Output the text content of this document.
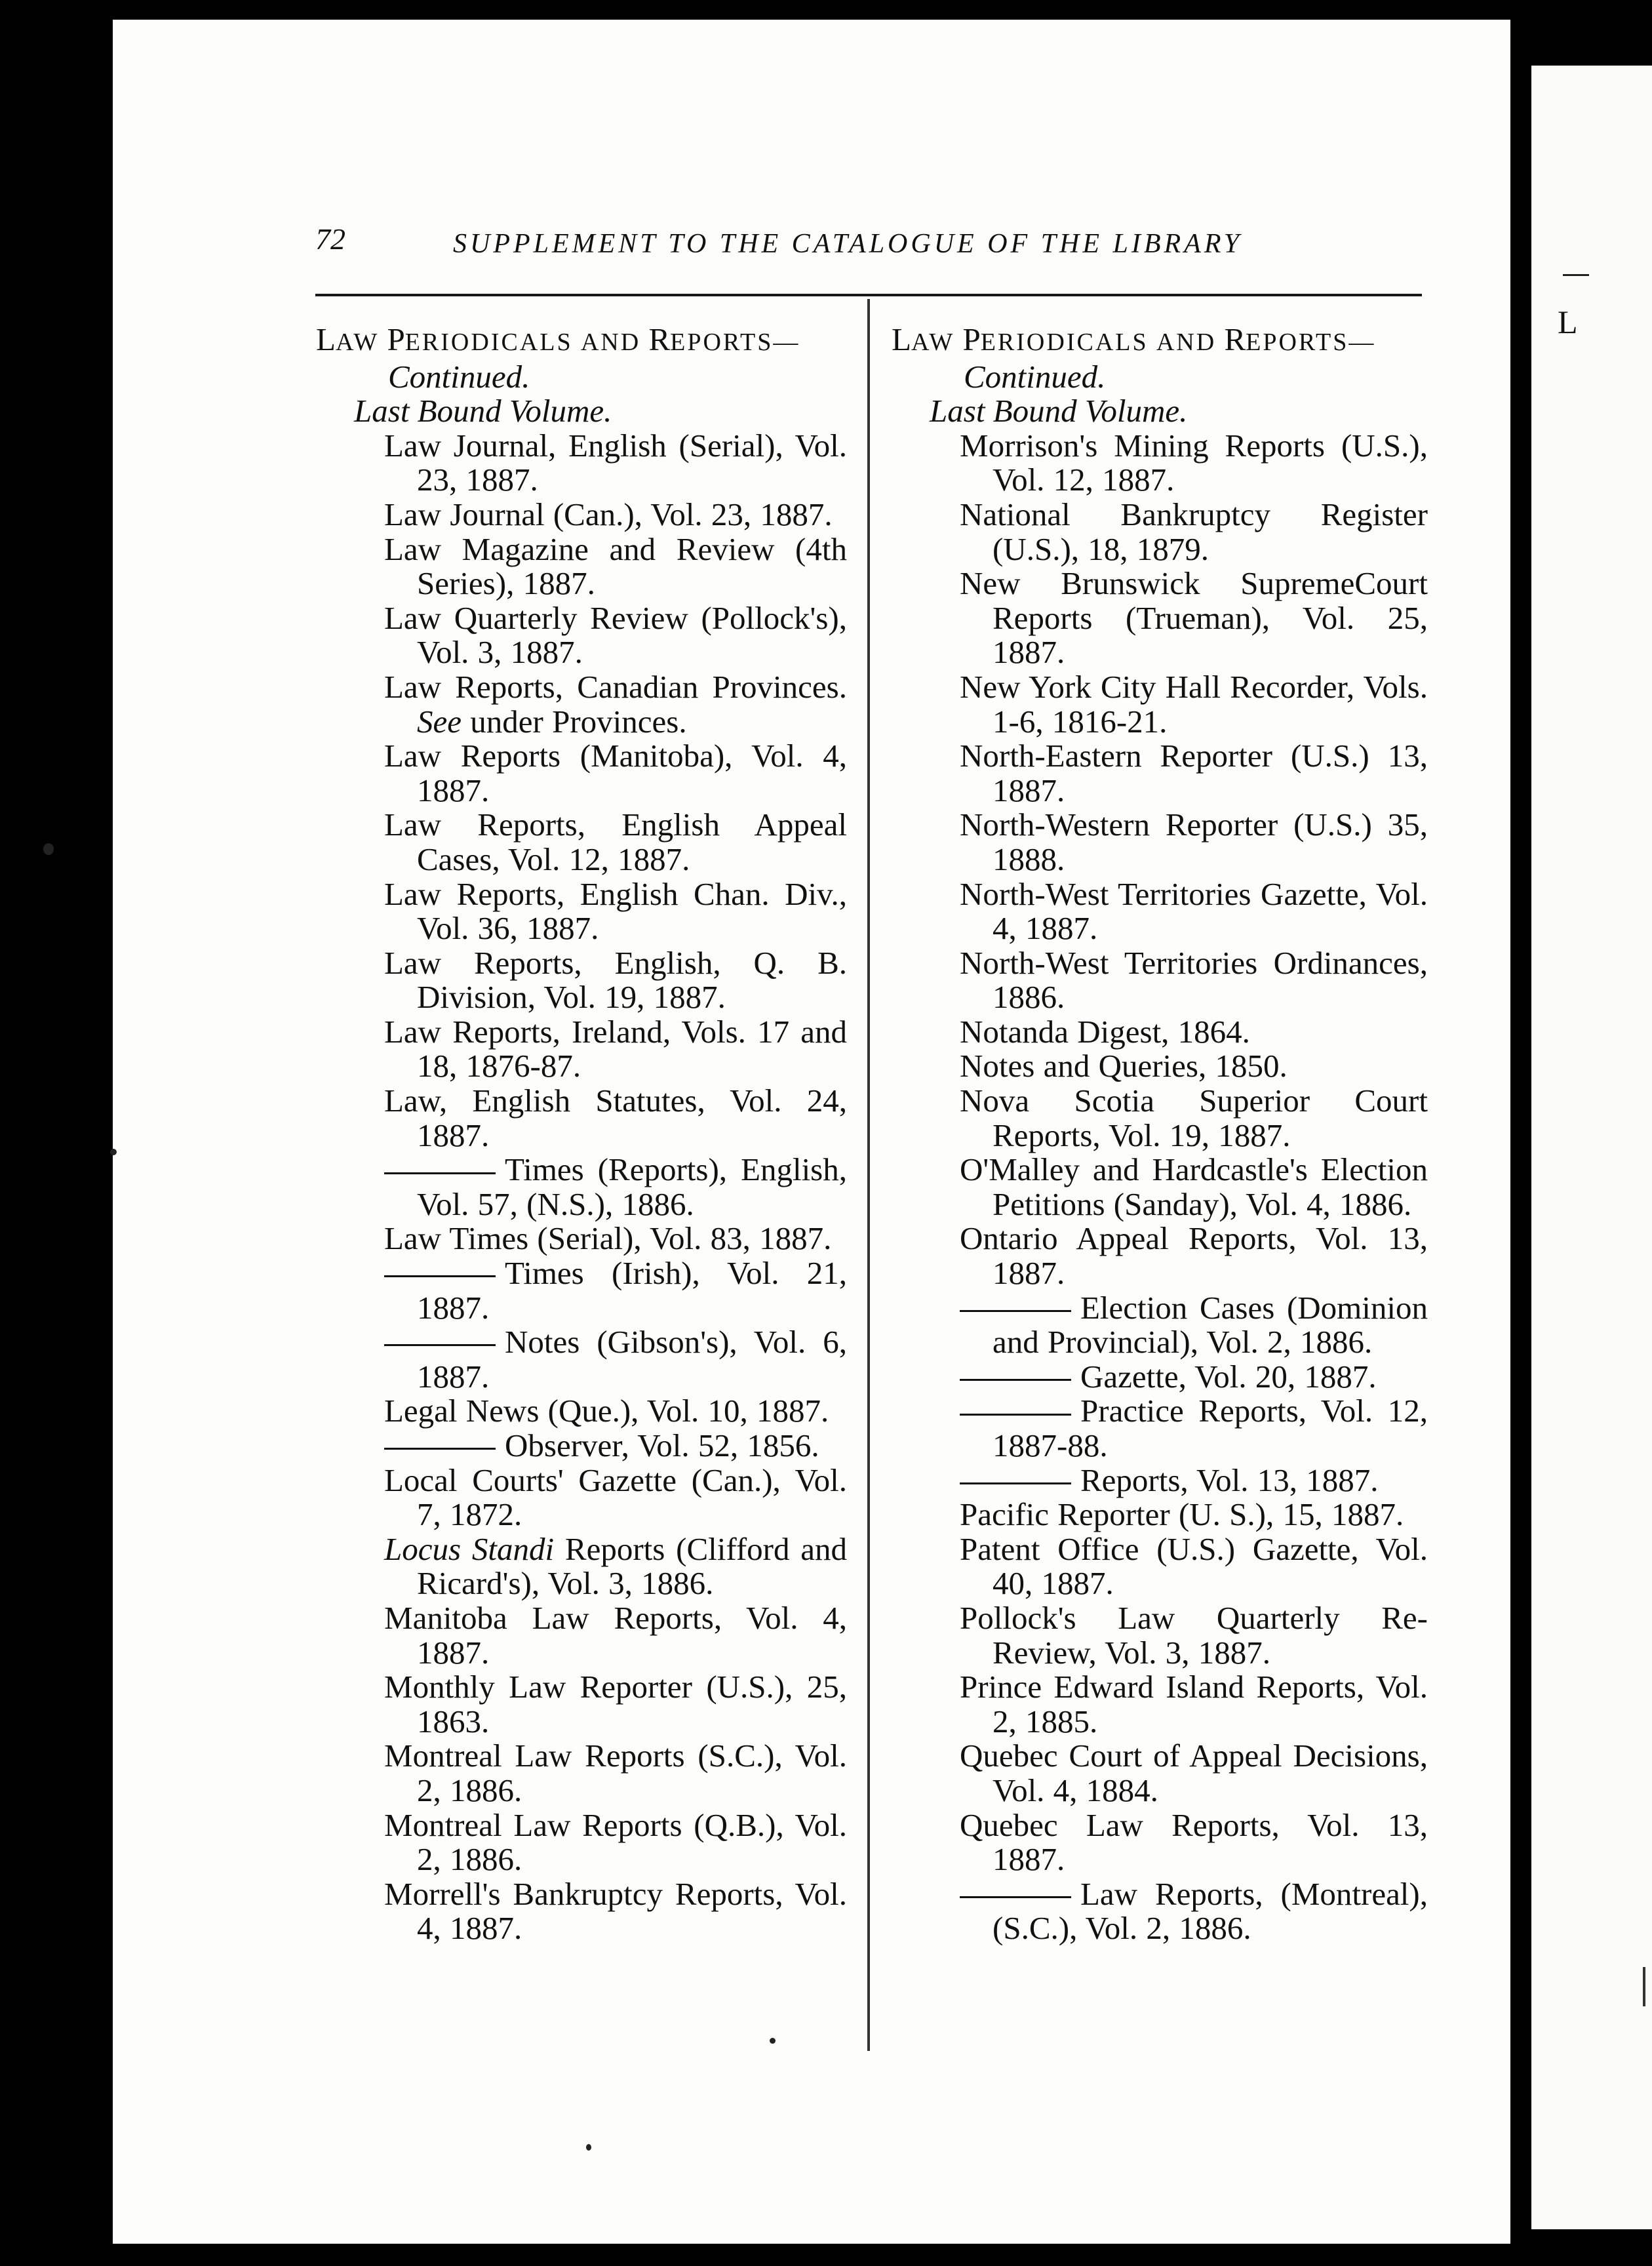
L
72	SUPPLEMENT TO THE CATALOGUE OF THE LIBRARY
LAW PERIODICALS AND REPORTS—
Continued.
Last Bound Volume.
Law Journal, English (Serial), Vol. 23, 1887.
Law Journal (Can.), Vol. 23, 1887.
Law Magazine and Review (4th Series), 1887.
Law Quarterly Review (Pollock's), Vol. 3, 1887.
Law Reports, Canadian Provinces. See under Provinces.
Law Reports (Manitoba), Vol. 4, 1887.
Law Reports, English Appeal Cases, Vol. 12, 1887.
Law Reports, English Chan. Div., Vol. 36, 1887.
Law Reports, English, Q. B. Division, Vol. 19, 1887.
Law Reports, Ireland, Vols. 17 and 18, 1876-87.
Law, English Statutes, Vol. 24, 1887.
Times (Reports), English, Vol. 57, (N.S.), 1886.
Law Times (Serial), Vol. 83, 1887.
Times (Irish), Vol. 21, 1887.
Notes (Gibson's), Vol. 6, 1887.
Legal News (Que.), Vol. 10, 1887.
Observer, Vol. 52, 1856.
Local Courts' Gazette (Can.), Vol. 7, 1872.
Locus Standi Reports (Clifford and Ricard's), Vol. 3, 1886.
Manitoba Law Reports, Vol. 4, 1887.
Monthly Law Reporter (U.S.), 25, 1863.
Montreal Law Reports (S.C.), Vol. 2, 1886.
Montreal Law Reports (Q.B.), Vol. 2, 1886.
Morrell's Bankruptcy Reports, Vol. 4, 1887.
LAW PERIODICALS AND REPORTS—
Continued.
Last Bound Volume.
Morrison's Mining Reports (U.S.), Vol. 12, 1887.
National Bankruptcy Register (U.S.), 18, 1879.
New Brunswick SupremeCourt Reports (Trueman), Vol. 25, 1887.
New York City Hall Recorder, Vols. 1-6, 1816-21.
North-Eastern Reporter (U.S.) 13, 1887.
North-Western Reporter (U.S.) 35, 1888.
North-West Territories Gazette, Vol. 4, 1887.
North-West Territories Ordinances, 1886.
Notanda Digest, 1864.
Notes and Queries, 1850.
Nova Scotia Superior Court Reports, Vol. 19, 1887.
O'Malley and Hardcastle's Election Petitions (Sanday), Vol. 4, 1886.
Ontario Appeal Reports, Vol. 13, 1887.
Election Cases (Dominion and Provincial), Vol. 2, 1886.
Gazette, Vol. 20, 1887.
Practice Reports, Vol. 12, 1887-88.
Reports, Vol. 13, 1887.
Pacific Reporter (U. S.), 15, 1887.
Patent Office (U.S.) Gazette, Vol. 40, 1887.
Pollock's Law Quarterly Re-Review, Vol. 3, 1887.
Prince Edward Island Reports, Vol. 2, 1885.
Quebec Court of Appeal Decisions, Vol. 4, 1884.
Quebec Law Reports, Vol. 13, 1887.
Law Reports, (Montreal), (S.C.), Vol. 2, 1886.
